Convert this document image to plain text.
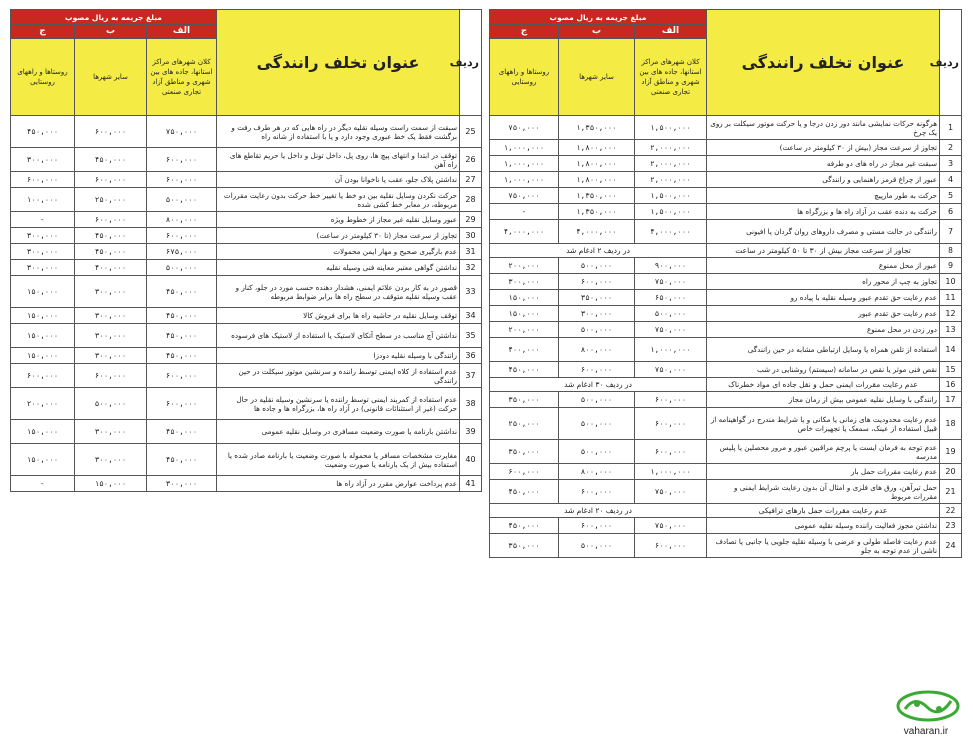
ردیف	عنوان تخلف رانندگی	مبلغ جریمه به ریال مصوب		
		الف	ب	ج
		کلان شهرهای مراکز استانها، جاده های بین شهری و مناطق آزاد تجاری صنعتی	سایر شهرها	روستاها و راههای روستایی
1	هرگونه حرکات نمایشی مانند دور زدن درجا و یا حرکت موتور سیکلت بر روی یک چرخ	۱,۵۰۰,۰۰۰	۱,۳۵۰,۰۰۰	۷۵۰,۰۰۰
2	تجاوز از سرعت مجاز (بیش از ۳۰ کیلومتر در ساعت)	۲,۰۰۰,۰۰۰	۱,۸۰۰,۰۰۰	۱,۰۰۰,۰۰۰
3	سبقت غیر مجاز در راه های دو طرفه	۲,۰۰۰,۰۰۰	۱,۸۰۰,۰۰۰	۱,۰۰۰,۰۰۰
4	عبور از چراغ قرمز راهنمایی و رانندگی	۲,۰۰۰,۰۰۰	۱,۸۰۰,۰۰۰	۱,۰۰۰,۰۰۰
5	حرکت به طور مارپیچ	۱,۵۰۰,۰۰۰	۱,۳۵۰,۰۰۰	۷۵۰,۰۰۰
6	حرکت به دنده عقب در آزاد راه ها و بزرگراه ها	۱,۵۰۰,۰۰۰	۱,۳۵۰,۰۰۰	-
7	رانندگی در حالت مستی و مصرف داروهای روان گردان یا افیونی	۴,۰۰۰,۰۰۰	۴,۰۰۰,۰۰۰	۴,۰۰۰,۰۰۰
8	تجاوز از سرعت مجاز بیش از ۳۰ تا ۵۰ کیلومتر در ساعت	در ردیف ۲ ادغام شد		
9	عبور از محل ممنوع	۹۰۰,۰۰۰	۵۰۰,۰۰۰	۲۰۰,۰۰۰
10	تجاوز به چپ از محور راه	۷۵۰,۰۰۰	۶۰۰,۰۰۰	۳۰۰,۰۰۰
11	عدم رعایت حق تقدم عبور وسیله نقلیه با پیاده رو	۶۵۰,۰۰۰	۳۵۰,۰۰۰	۱۵۰,۰۰۰
12	عدم رعایت حق تقدم عبور	۵۰۰,۰۰۰	۳۰۰,۰۰۰	۱۵۰,۰۰۰
13	دور زدن در محل ممنوع	۷۵۰,۰۰۰	۵۰۰,۰۰۰	۲۰۰,۰۰۰
14	استفاده از تلفن همراه یا وسایل ارتباطی مشابه در حین رانندگی	۱,۰۰۰,۰۰۰	۸۰۰,۰۰۰	۴۰۰,۰۰۰
15	نقص فنی موثر یا نقص در سامانه (سیستم) روشنایی در شب	۷۵۰,۰۰۰	۶۰۰,۰۰۰	۴۵۰,۰۰۰
16	عدم رعایت مقررات ایمنی حمل و نقل جاده ای مواد خطرناک	در ردیف ۳۰ ادغام شد		
17	رانندگی با وسایل نقلیه عمومی بیش از زمان مجاز	۶۰۰,۰۰۰	۵۰۰,۰۰۰	۳۵۰,۰۰۰
18	عدم رعایت محدودیت های زمانی یا مکانی و یا شرایط مندرج در گواهینامه از قبیل استفاده از عینک، سمعک یا تجهیزات خاص	۶۰۰,۰۰۰	۵۰۰,۰۰۰	۲۵۰,۰۰۰
19	عدم توجه به فرمان ایست یا پرچم مراقبین عبور و مرور محصلین یا پلیس مدرسه	۶۰۰,۰۰۰	۵۰۰,۰۰۰	۳۵۰,۰۰۰
20	عدم رعایت مقررات حمل بار	۱,۰۰۰,۰۰۰	۸۰۰,۰۰۰	۶۰۰,۰۰۰
21	حمل تیرآهن، ورق های فلزی و امثال آن بدون رعایت شرایط ایمنی و مقررات مربوط	۷۵۰,۰۰۰	۶۰۰,۰۰۰	۴۵۰,۰۰۰
22	عدم رعایت مقررات حمل بارهای ترافیکی	در ردیف ۲۰ ادغام شد		
23	نداشتن مجوز فعالیت راننده وسیله نقلیه عمومی	۷۵۰,۰۰۰	۶۰۰,۰۰۰	۴۵۰,۰۰۰
24	عدم رعایت فاصله طولی و عرضی با وسیله نقلیه جلویی یا جانبی یا تصادف ناشی از عدم توجه به جلو	۶۰۰,۰۰۰	۵۰۰,۰۰۰	۳۵۰,۰۰۰
ردیف	عنوان تخلف رانندگی	مبلغ جریمه به ریال مصوب		
		الف	ب	ج
		کلان شهرهای مراکز استانها، جاده های بین شهری و مناطق آزاد تجاری صنعتی	سایر شهرها	روستاها و راههای روستایی
25	سبقت از سمت راست وسیله نقلیه دیگر در راه هایی که در هر طرف رفت و برگشت فقط یک خط عبوری وجود دارد و یا با استفاده از شانه راه	۷۵۰,۰۰۰	۶۰۰,۰۰۰	۴۵۰,۰۰۰
26	توقف در ابتدا و انتهای پیچ ها، روی پل، داخل تونل و داخل یا حریم تقاطع های راه آهن	۶۰۰,۰۰۰	۴۵۰,۰۰۰	۳۰۰,۰۰۰
27	نداشتن پلاک جلو، عقب یا ناخوانا بودن آن	۶۰۰,۰۰۰	۶۰۰,۰۰۰	۶۰۰,۰۰۰
28	حرکت نکردن وسایل نقلیه بین دو خط یا تغییر خط حرکت بدون رعایت مقررات مربوطه، در معابر خط کشی شده	۵۰۰,۰۰۰	۲۵۰,۰۰۰	۱۰۰,۰۰۰
29	عبور وسایل نقلیه غیر مجاز از خطوط ویژه	۸۰۰,۰۰۰	۶۰۰,۰۰۰	-
30	تجاوز از سرعت مجاز (تا ۳۰ کیلومتر در ساعت)	۶۰۰,۰۰۰	۴۵۰,۰۰۰	۳۰۰,۰۰۰
31	عدم بارگیری صحیح و مهار ایمن محمولات	۶۷۵,۰۰۰	۴۵۰,۰۰۰	۳۰۰,۰۰۰
32	نداشتن گواهی معتبر معاینه فنی وسیله نقلیه	۵۰۰,۰۰۰	۴۰۰,۰۰۰	۳۰۰,۰۰۰
33	قصور در به کار بردن علائم ایمنی، هشدار دهنده حسب مورد در جلو، کنار و عقب وسیله نقلیه متوقف در سطح راه ها برابر ضوابط مربوطه	۴۵۰,۰۰۰	۳۰۰,۰۰۰	۱۵۰,۰۰۰
34	توقف وسایل نقلیه در حاشیه راه ها برای فروش کالا	۴۵۰,۰۰۰	۳۰۰,۰۰۰	۱۵۰,۰۰۰
35	نداشتن آچ مناسب در سطح آتکای لاستیک یا استفاده از لاستیک های فرسوده	۴۵۰,۰۰۰	۳۰۰,۰۰۰	۱۵۰,۰۰۰
36	رانندگی با وسیله نقلیه دودزا	۴۵۰,۰۰۰	۳۰۰,۰۰۰	۱۵۰,۰۰۰
37	عدم استفاده از کلاه ایمنی توسط راننده و سرنشین موتور سیکلت در حین رانندگی	۶۰۰,۰۰۰	۶۰۰,۰۰۰	۶۰۰,۰۰۰
38	عدم استفاده از کمربند ایمنی توسط راننده یا سرنشین وسیله نقلیه در حال حرکت (غیر از استثنائات قانونی) در آزاد راه ها، بزرگراه ها و جاده ها	۶۰۰,۰۰۰	۵۰۰,۰۰۰	۲۰۰,۰۰۰
39	نداشتن بارنامه یا صورت وضعیت مسافری در وسایل نقلیه عمومی	۴۵۰,۰۰۰	۳۰۰,۰۰۰	۱۵۰,۰۰۰
40	مغایرت مشخصات مسافر یا محموله با صورت وضعیت یا بارنامه صادر شده یا استفاده بیش از یک بارنامه یا صورت وضعیت	۴۵۰,۰۰۰	۳۰۰,۰۰۰	۱۵۰,۰۰۰
41	عدم پرداخت عوارض مقرر در آزاد راه ها	۳۰۰,۰۰۰	۱۵۰,۰۰۰	-
vaharan.ir
